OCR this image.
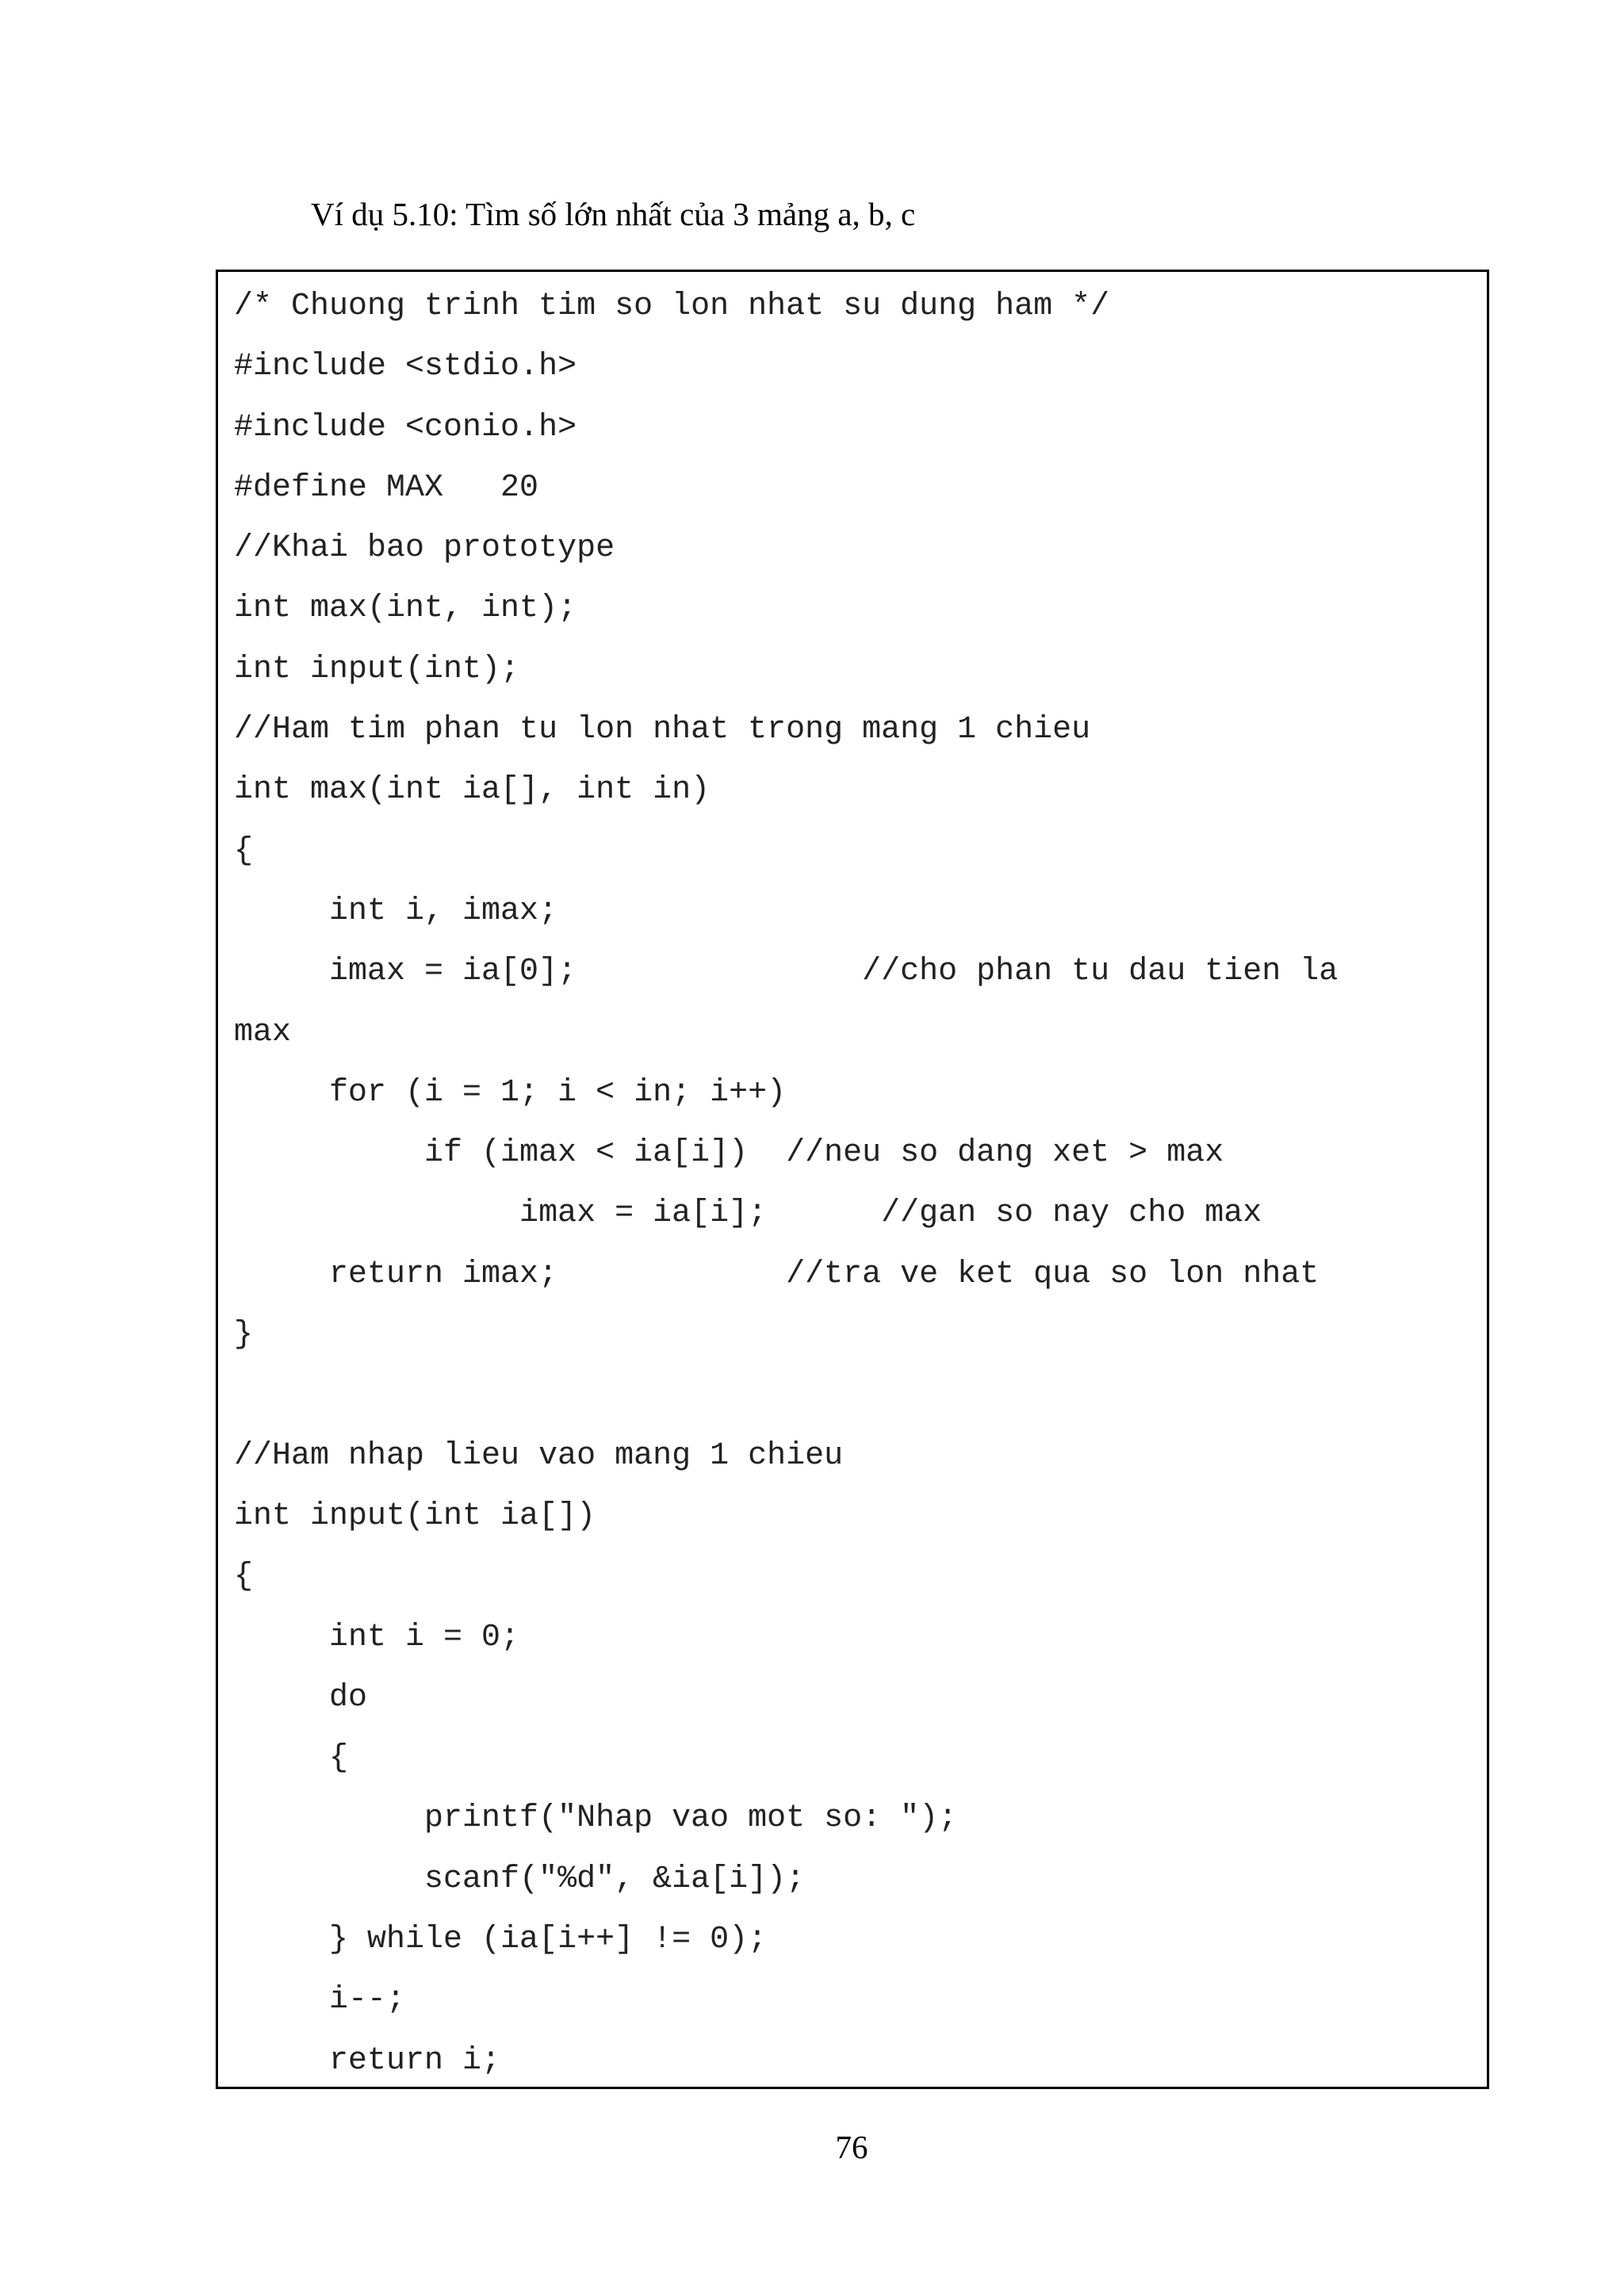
Ví dụ 5.10: Tìm số lớn nhất của 3 mảng a, b, c
/* Chuong trinh tim so lon nhat su dung ham */
#include <stdio.h>
#include <conio.h>
#define MAX   20
//Khai bao prototype
int max(int, int);
int input(int);
//Ham tim phan tu lon nhat trong mang 1 chieu
int max(int ia[], int in)
{
int i, imax;
imax = ia[0];               //cho phan tu dau tien la
max
for (i = 1; i < in; i++)
if (imax < ia[i])  //neu so dang xet > max
imax = ia[i];      //gan so nay cho max
return imax;            //tra ve ket qua so lon nhat
}
//Ham nhap lieu vao mang 1 chieu
int input(int ia[])
{
int i = 0;
do
{
printf("Nhap vao mot so: ");
scanf("%d", &ia[i]);
} while (ia[i++] != 0);
i--;
return i;
76
